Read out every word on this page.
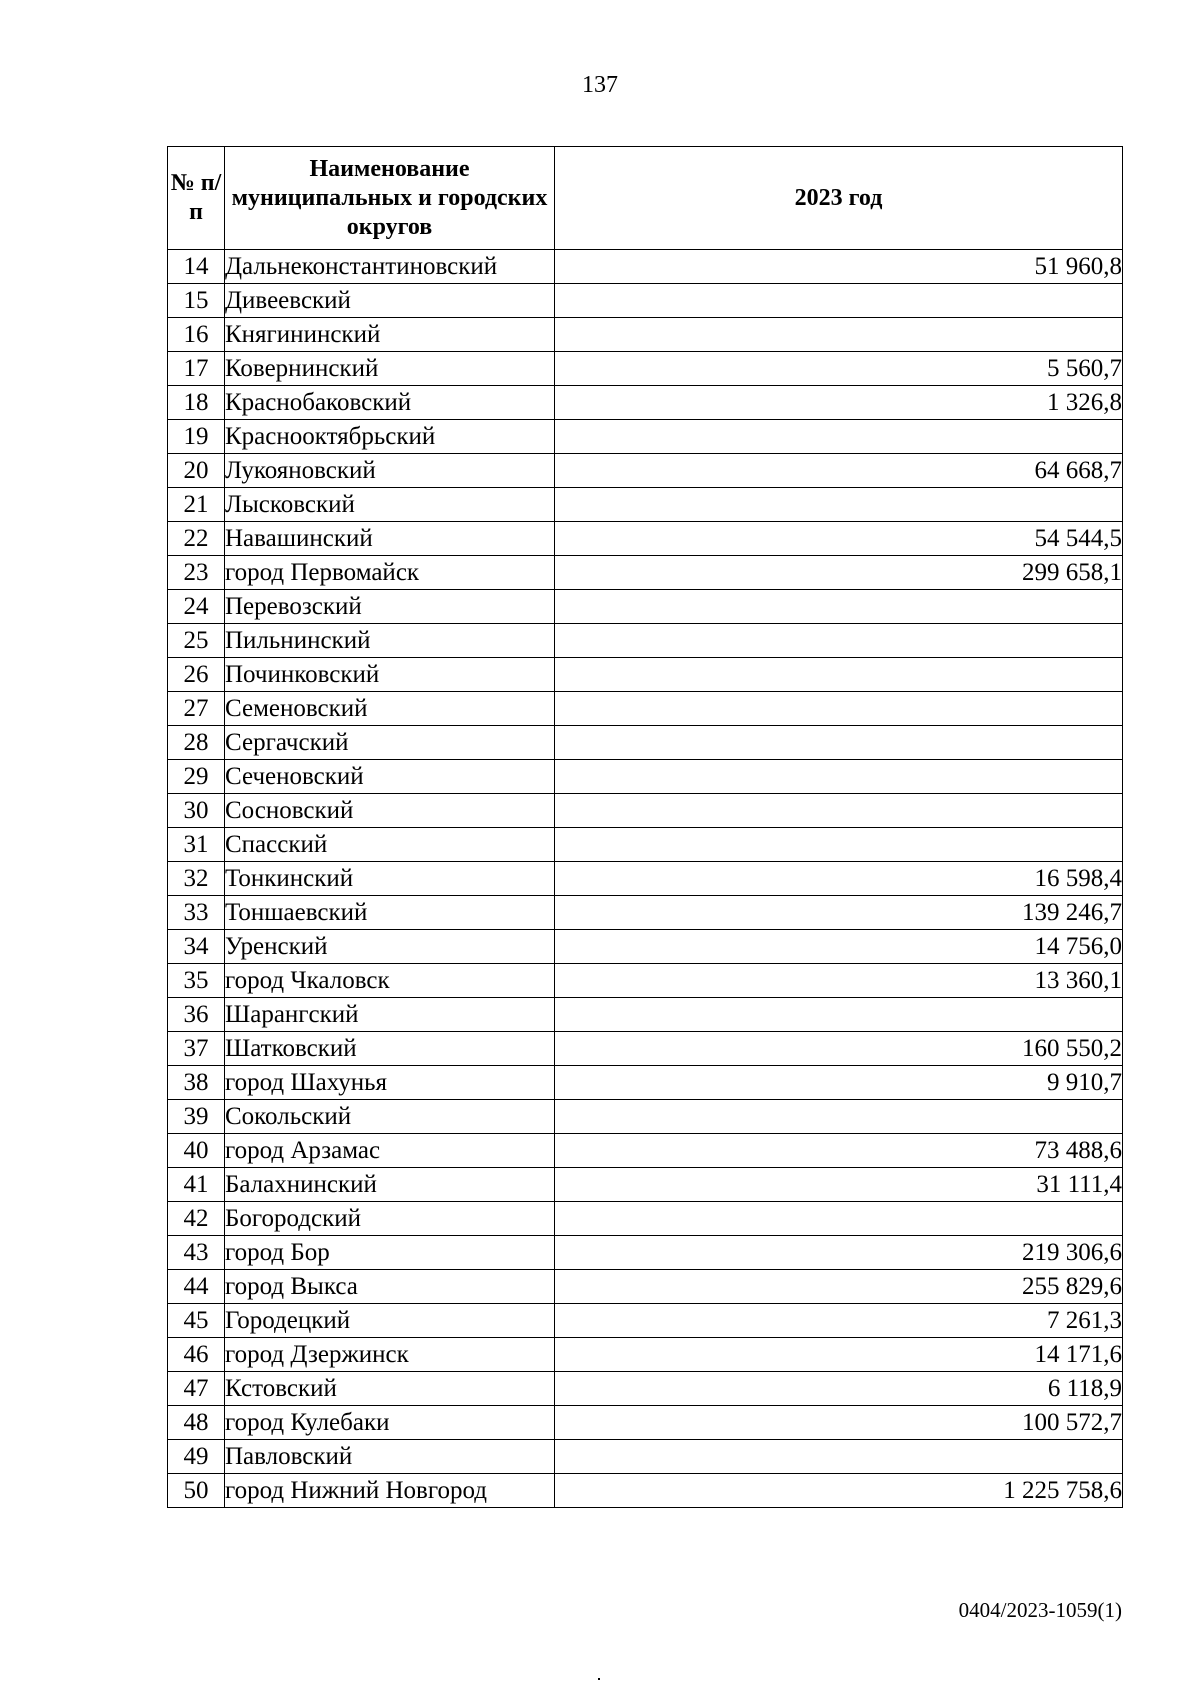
137
№ п/п	Наименование муниципальных и городских округов	2023 год
14	Дальнеконстантиновский	51 960,8
15	Дивеевский	
16	Княгининский	
17	Ковернинский	5 560,7
18	Краснобаковский	1 326,8
19	Краснооктябрьский	
20	Лукояновский	64 668,7
21	Лысковский	
22	Навашинский	54 544,5
23	город Первомайск	299 658,1
24	Перевозский	
25	Пильнинский	
26	Починковский	
27	Семеновский	
28	Сергачский	
29	Сеченовский	
30	Сосновский	
31	Спасский	
32	Тонкинский	16 598,4
33	Тоншаевский	139 246,7
34	Уренский	14 756,0
35	город Чкаловск	13 360,1
36	Шарангский	
37	Шатковский	160 550,2
38	город Шахунья	9 910,7
39	Сокольский	
40	город Арзамас	73 488,6
41	Балахнинский	31 111,4
42	Богородский	
43	город Бор	219 306,6
44	город Выкса	255 829,6
45	Городецкий	7 261,3
46	город Дзержинск	14 171,6
47	Кстовский	6 118,9
48	город Кулебаки	100 572,7
49	Павловский	
50	город Нижний Новгород	1 225 758,6
0404/2023-1059(1)
